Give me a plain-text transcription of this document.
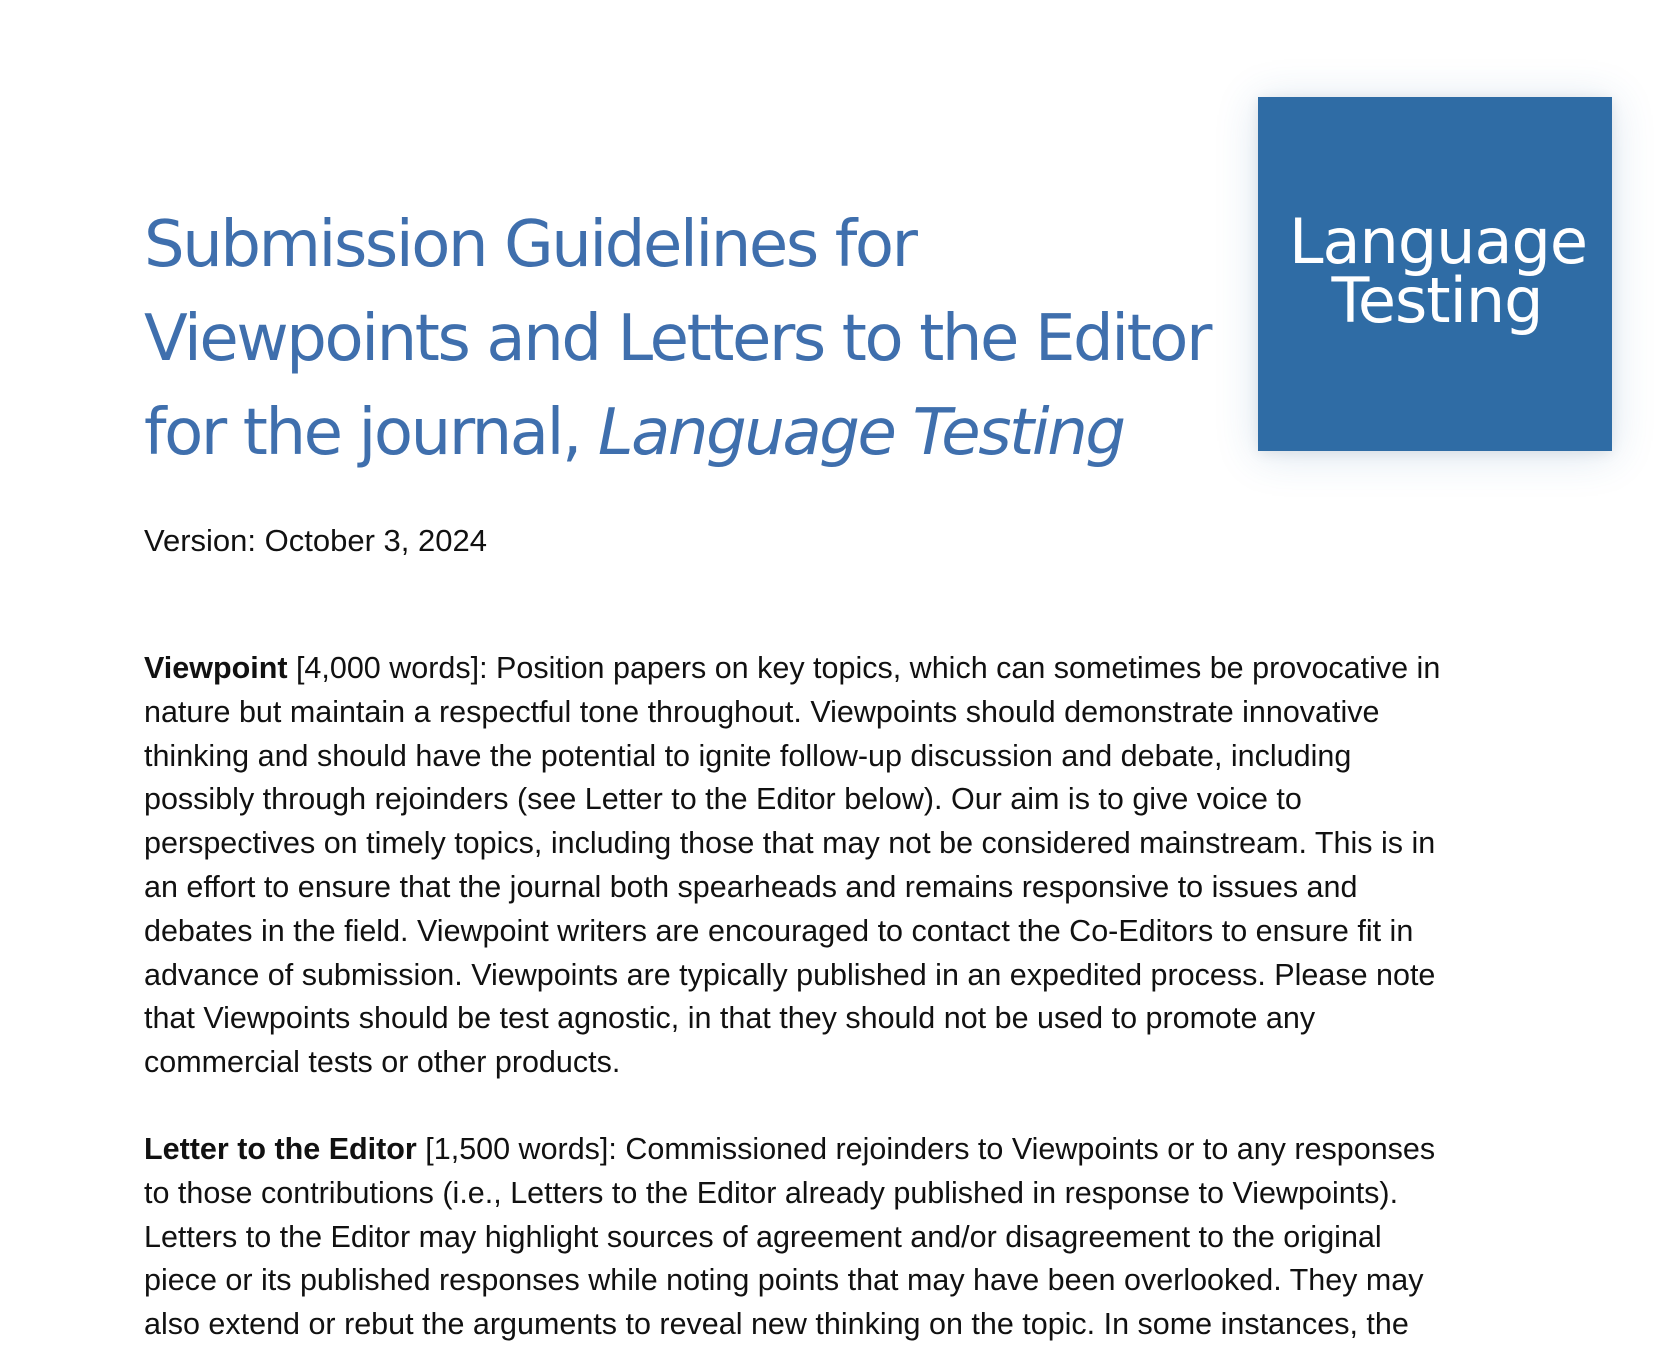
Submission Guidelines for
Viewpoints and Letters to the Editor
for the journal, Language Testing
Language
Testing
Version: October 3, 2024

Viewpoint [4,000 words]: Position papers on key topics, which can sometimes be provocative in
nature but maintain a respectful tone throughout. Viewpoints should demonstrate innovative
thinking and should have the potential to ignite follow-up discussion and debate, including
possibly through rejoinders (see Letter to the Editor below). Our aim is to give voice to
perspectives on timely topics, including those that may not be considered mainstream. This is in
an effort to ensure that the journal both spearheads and remains responsive to issues and
debates in the field. Viewpoint writers are encouraged to contact the Co-Editors to ensure fit in
advance of submission. Viewpoints are typically published in an expedited process. Please note
that Viewpoints should be test agnostic, in that they should not be used to promote any
commercial tests or other products.

Letter to the Editor [1,500 words]: Commissioned rejoinders to Viewpoints or to any responses
to those contributions (i.e., Letters to the Editor already published in response to Viewpoints).
Letters to the Editor may highlight sources of agreement and/or disagreement to the original
piece or its published responses while noting points that may have been overlooked. They may
also extend or rebut the arguments to reveal new thinking on the topic. In some instances, the
